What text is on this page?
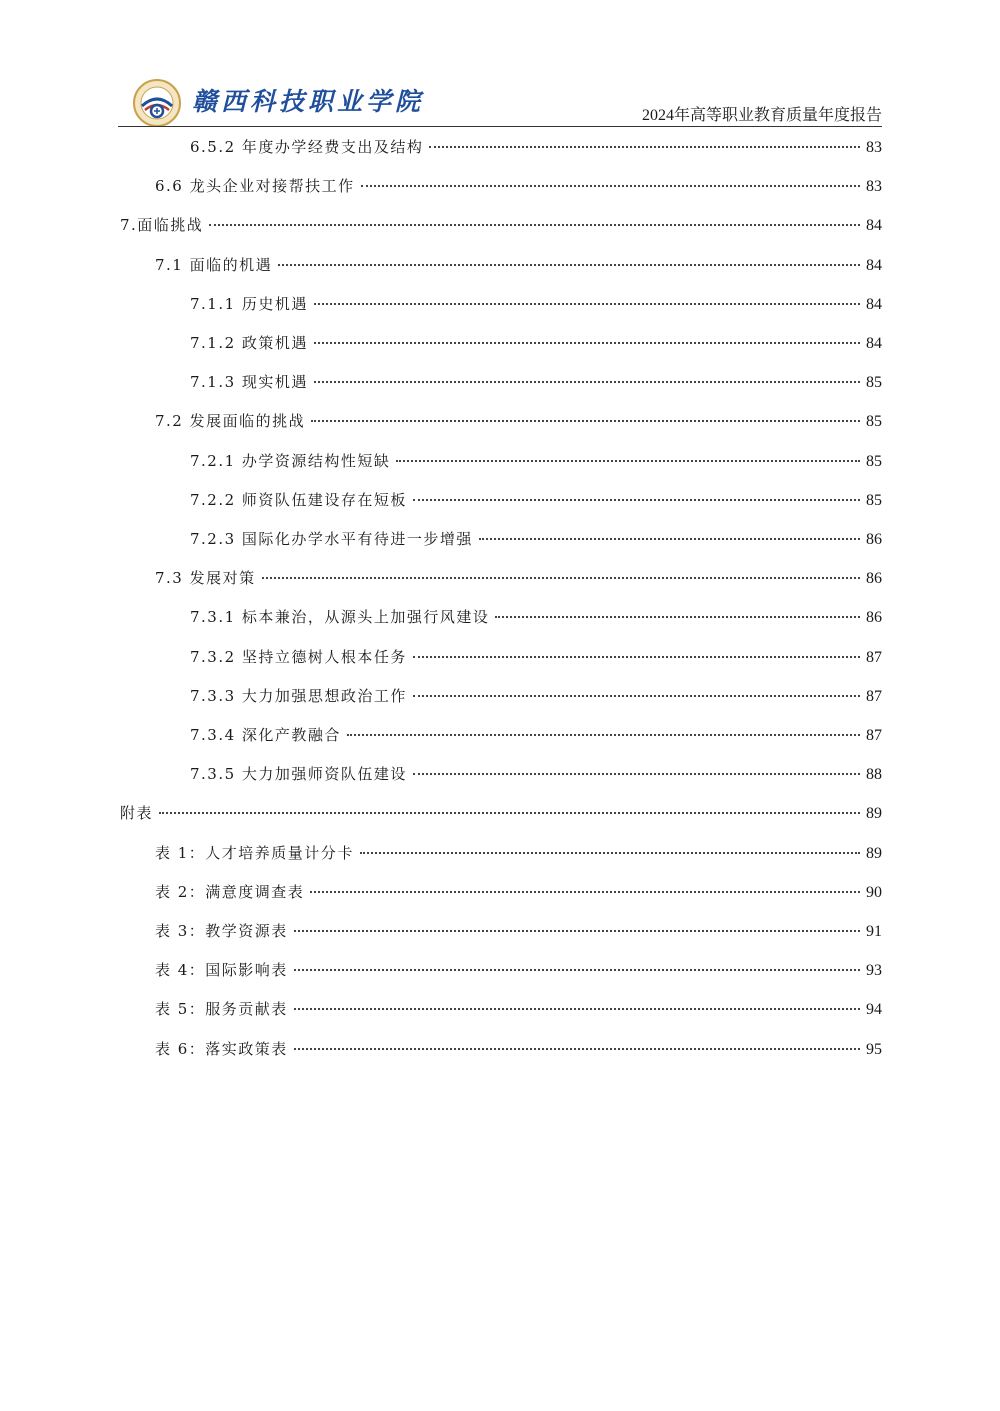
赣西科技职业学院	2024年高等职业教育质量年度报告
6.5.2 年度办学经费支出及结构	83
6.6 龙头企业对接帮扶工作	83
7.面临挑战	84
7.1 面临的机遇	84
7.1.1 历史机遇	84
7.1.2 政策机遇	84
7.1.3 现实机遇	85
7.2 发展面临的挑战	85
7.2.1 办学资源结构性短缺	85
7.2.2 师资队伍建设存在短板	85
7.2.3 国际化办学水平有待进一步增强	86
7.3 发展对策	86
7.3.1 标本兼治，从源头上加强行风建设	86
7.3.2 坚持立德树人根本任务	87
7.3.3 大力加强思想政治工作	87
7.3.4 深化产教融合	87
7.3.5 大力加强师资队伍建设	88
附表	89
表 1：人才培养质量计分卡	89
表 2：满意度调查表	90
表 3：教学资源表	91
表 4：国际影响表	93
表 5：服务贡献表	94
表 6：落实政策表	95
